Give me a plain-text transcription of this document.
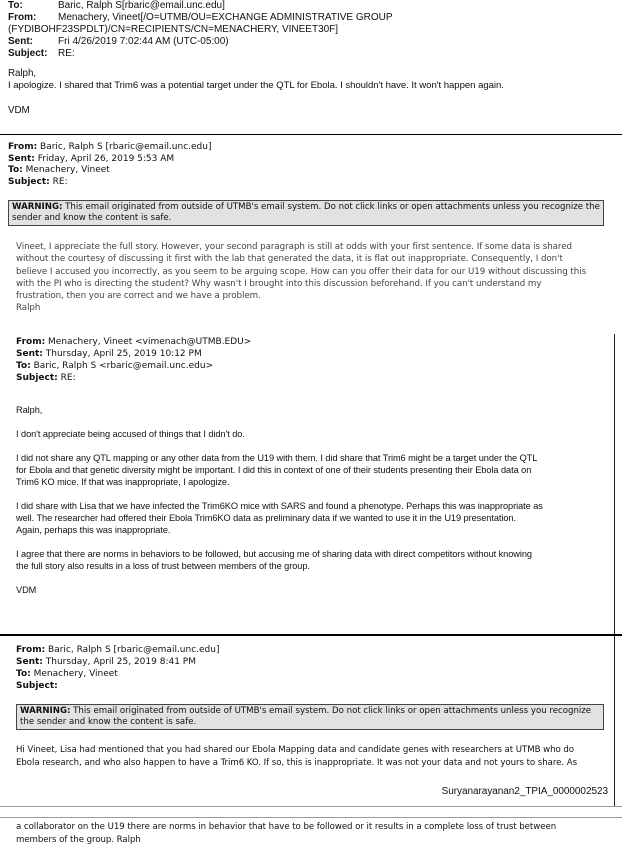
To:	Baric, Ralph S[rbaric@email.unc.edu]
From: Menachery, Vineet[/O=UTMB/OU=EXCHANGE ADMINISTRATIVE GROUP
(FYDIBOHF23SPDLT)/CN=RECIPIENTS/CN=MENACHERY, VINEET30F]
Sent:	Fri 4/26/2019 7:02:44 AM (UTC-05:00)
Subject: RE:
Ralph,
I apologize. I shared that Trim6 was a potential target under the QTL for Ebola. I shouldn't have. It won't happen again.
VDM
From: Baric, Ralph S [rbaric@email.unc.edu]
Sent: Friday, April 26, 2019 5:53 AM
To: Menachery, Vineet
Subject: RE:
WARNING: This email originated from outside of UTMB's email system. Do not click links or open attachments unless you recognize the sender and know the content is safe.
Vineet, I appreciate the full story. However, your second paragraph is still at odds with your first sentence. If some data is shared
without the courtesy of discussing it first with the lab that generated the data, it is flat out inappropriate. Consequently, I don't
believe I accused you incorrectly, as you seem to be arguing scope. How can you offer their data for our U19 without discussing this
with the PI who is directing the student? Why wasn't I brought into this discussion beforehand. If you can't understand my
frustration, then you are correct and we have a problem.
Ralph
From: Menachery, Vineet <vimenach@UTMB.EDU>
Sent: Thursday, April 25, 2019 10:12 PM
To: Baric, Ralph S <rbaric@email.unc.edu>
Subject: RE:
Ralph,
I don't appreciate being accused of things that I didn't do.
I did not share any QTL mapping or any other data from the U19 with them. I did share that Trim6 might be a target under the QTL
for Ebola and that genetic diversity might be important. I did this in context of one of their students presenting their Ebola data on
Trim6 KO mice. If that was inappropriate, I apologize.
I did share with Lisa that we have infected the Trim6KO mice with SARS and found a phenotype. Perhaps this was inappropriate as
well. The researcher had offered their Ebola Trim6KO data as preliminary data if we wanted to use it in the U19 presentation.
Again, perhaps this was inappropriate.
I agree that there are norms in behaviors to be followed, but accusing me of sharing data with direct competitors without knowing
the full story also results in a loss of trust between members of the group.
VDM
From: Baric, Ralph S [rbaric@email.unc.edu]
Sent: Thursday, April 25, 2019 8:41 PM
To: Menachery, Vineet
Subject:
WARNING: This email originated from outside of UTMB's email system. Do not click links or open attachments unless you recognize the sender and know the content is safe.
Hi Vineet, Lisa had mentioned that you had shared our Ebola Mapping data and candidate genes with researchers at UTMB who do
Ebola research, and who also happen to have a Trim6 KO. If so, this is inappropriate. It was not your data and not yours to share. As
Suryanarayanan2_TPIA_0000002523
a collaborator on the U19 there are norms in behavior that have to be followed or it results in a complete loss of trust between
members of the group. Ralph
